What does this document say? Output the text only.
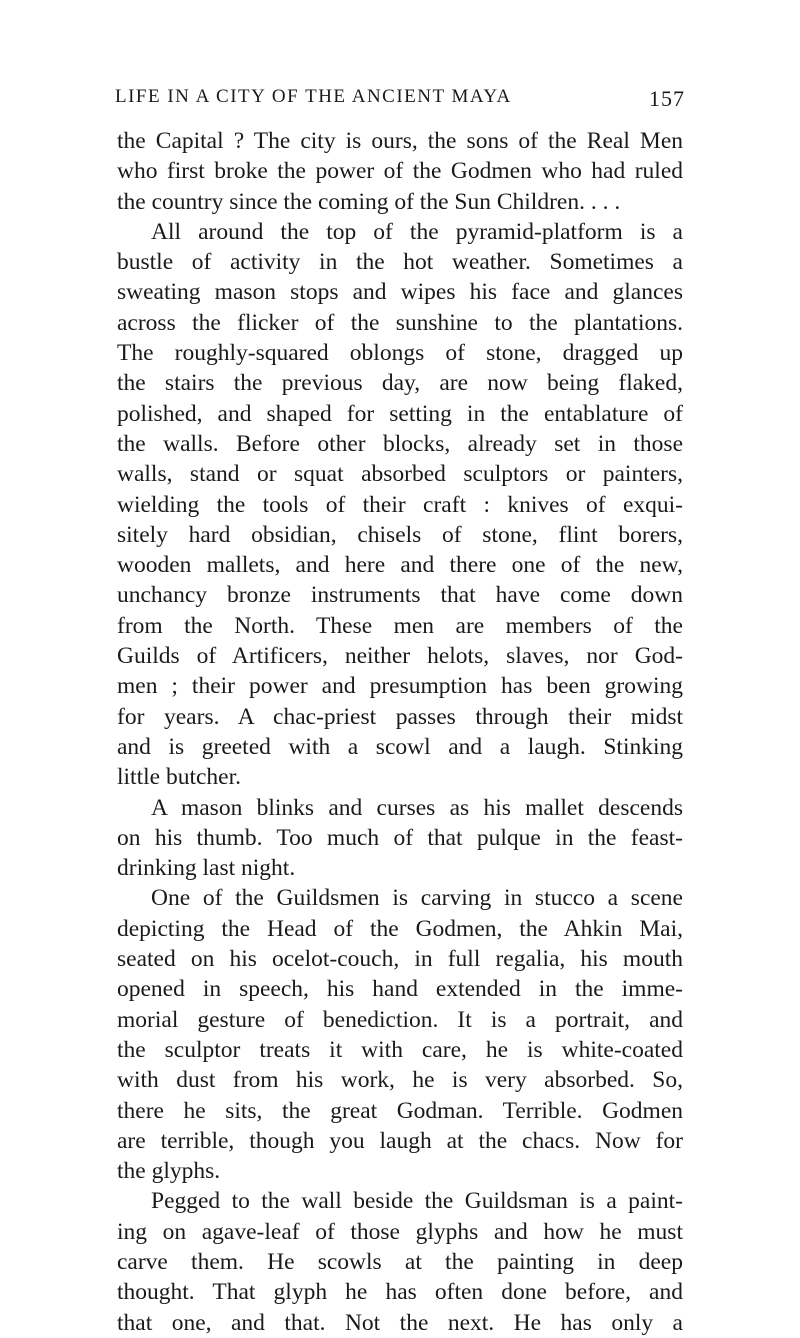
LIFE IN A CITY OF THE ANCIENT MAYA	157
the Capital ? The city is ours, the sons of the Real Men
who first broke the power of the Godmen who had ruled
the country since the coming of the Sun Children. . . .
All around the top of the pyramid-platform is a
bustle of activity in the hot weather. Sometimes a
sweating mason stops and wipes his face and glances
across the flicker of the sunshine to the plantations.
The roughly-squared oblongs of stone, dragged up
the stairs the previous day, are now being flaked,
polished, and shaped for setting in the entablature of
the walls. Before other blocks, already set in those
walls, stand or squat absorbed sculptors or painters,
wielding the tools of their craft : knives of exqui-
sitely hard obsidian, chisels of stone, flint borers,
wooden mallets, and here and there one of the new,
unchancy bronze instruments that have come down
from the North. These men are members of the
Guilds of Artificers, neither helots, slaves, nor God-
men ; their power and presumption has been growing
for years. A chac-priest passes through their midst
and is greeted with a scowl and a laugh. Stinking
little butcher.
A mason blinks and curses as his mallet descends
on his thumb. Too much of that pulque in the feast-
drinking last night.
One of the Guildsmen is carving in stucco a scene
depicting the Head of the Godmen, the Ahkin Mai,
seated on his ocelot-couch, in full regalia, his mouth
opened in speech, his hand extended in the imme-
morial gesture of benediction. It is a portrait, and
the sculptor treats it with care, he is white-coated
with dust from his work, he is very absorbed. So,
there he sits, the great Godman. Terrible. Godmen
are terrible, though you laugh at the chacs. Now for
the glyphs.
Pegged to the wall beside the Guildsman is a paint-
ing on agave-leaf of those glyphs and how he must
carve them. He scowls at the painting in deep
thought. That glyph he has often done before, and
that one, and that. Not the next. He has only a
